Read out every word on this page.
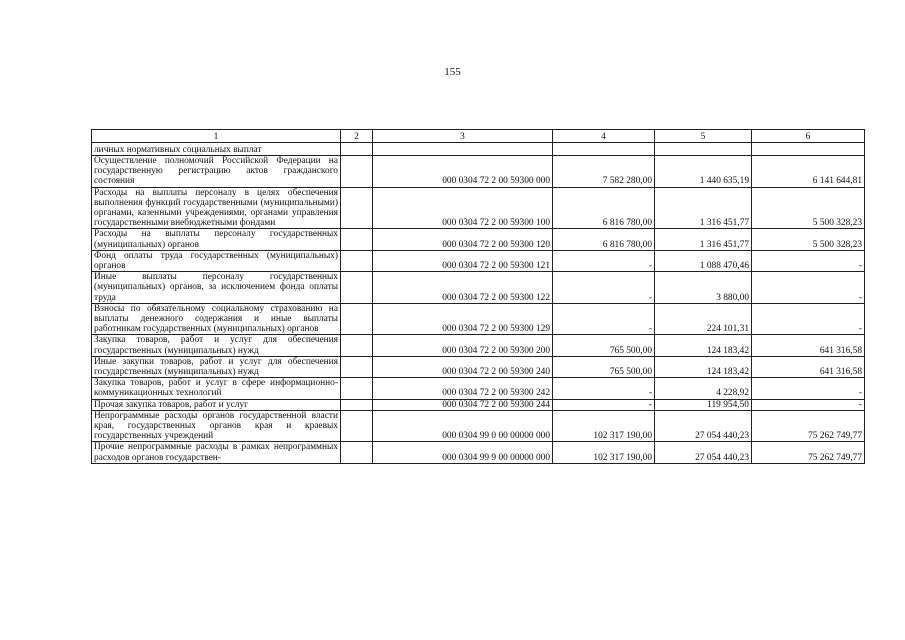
155
1	2	3	4	5	6
личных нормативных социальных выплат					
Осуществление полномочий Российской Федерации на государственную регистрацию актов гражданского состояния		000 0304 72 2 00 59300 000	7 582 280,00	1 440 635,19	6 141 644,81
Расходы на выплаты персоналу в целях обеспечения выполнения функций государственными (муниципальными) органами, казенными учреждениями, органами управления государственными внебюджетными фондами		000 0304 72 2 00 59300 100	6 816 780,00	1 316 451,77	5 500 328,23
Расходы на выплаты персоналу государственных (муниципальных) органов		000 0304 72 2 00 59300 120	6 816 780,00	1 316 451,77	5 500 328,23
Фонд оплаты труда государственных (муниципальных) органов		000 0304 72 2 00 59300 121	-	1 088 470,46	-
Иные выплаты персоналу государственных (муниципальных) органов, за исключением фонда оплаты труда		000 0304 72 2 00 59300 122	-	3 880,00	-
Взносы по обязательному социальному страхованию на выплаты денежного содержания и иные выплаты работникам государственных (муниципальных) органов		000 0304 72 2 00 59300 129	-	224 101,31	-
Закупка товаров, работ и услуг для обеспечения государственных (муниципальных) нужд		000 0304 72 2 00 59300 200	765 500,00	124 183,42	641 316,58
Иные закупки товаров, работ и услуг для обеспечения государственных (муниципальных) нужд		000 0304 72 2 00 59300 240	765 500,00	124 183,42	641 316,58
Закупка товаров, работ и услуг в сфере информационно-коммуникационных технологий		000 0304 72 2 00 59300 242	-	4 228,92	-
Прочая закупка товаров, работ и услуг		000 0304 72 2 00 59300 244	-	119 954,50	-
Непрограммные расходы органов государственной власти края, государственных органов края и краевых государственных учреждений		000 0304 99 0 00 00000 000	102 317 190,00	27 054 440,23	75 262 749,77
Прочие непрограммные расходы в рамках непрограммных расходов органов государствен-		000 0304 99 9 00 00000 000	102 317 190,00	27 054 440,23	75 262 749,77
